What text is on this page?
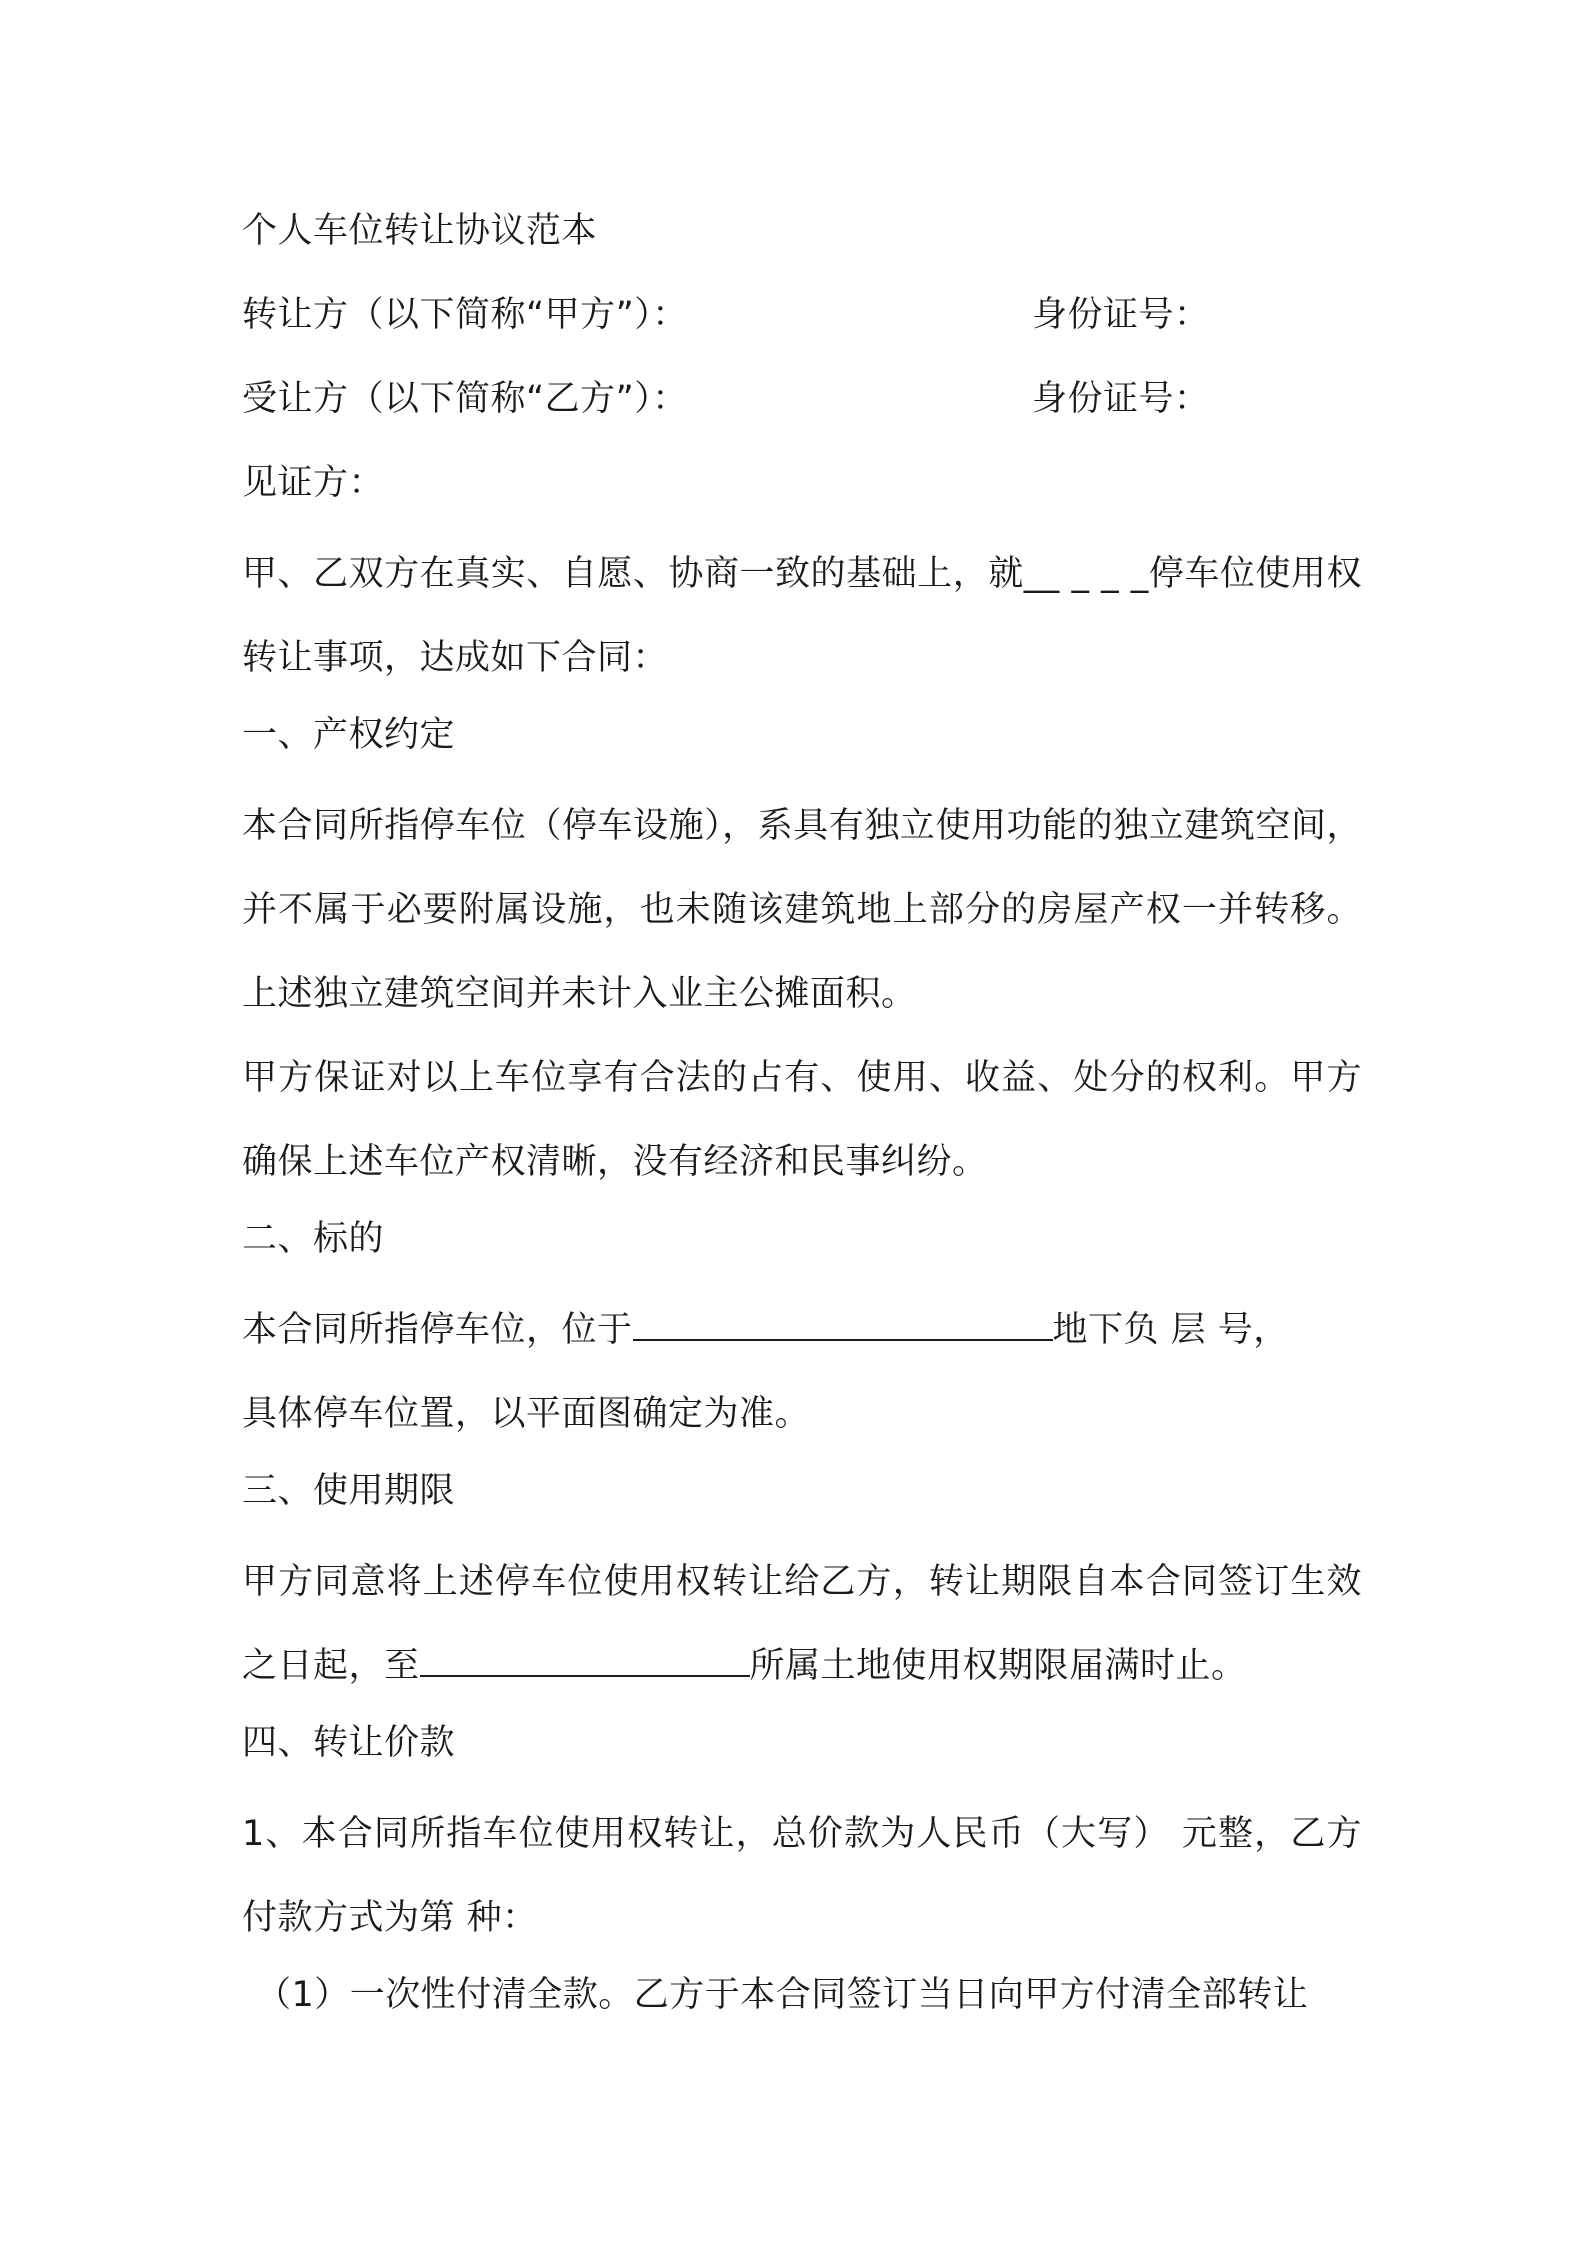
个人车位转让协议范本
转让方（以下简称“甲方”）：	身份证号：
受让方（以下简称“乙方”）：	身份证号：
见证方：
甲、乙双方在真实、自愿、协商一致的基础上，就__ _ _ _停车位使用权转让事项，达成如下合同：
一、产权约定
本合同所指停车位（停车设施），系具有独立使用功能的独立建筑空间，并不属于必要附属设施，也未随该建筑地上部分的房屋产权一并转移。上述独立建筑空间并未计入业主公摊面积。
甲方保证对以上车位享有合法的占有、使用、收益、处分的权利。甲方确保上述车位产权清晰，没有经济和民事纠纷。
二、标的
本合同所指停车位，位于	地下负 层 号，
具体停车位置，以平面图确定为准。
三、使用期限
甲方同意将上述停车位使用权转让给乙方，转让期限自本合同签订生效之日起，至	所属土地使用权期限届满时止。
四、转让价款
1、本合同所指车位使用权转让，总价款为人民币（大写） 元整，乙方付款方式为第 种：
（1）一次性付清全款。乙方于本合同签订当日向甲方付清全部转让
